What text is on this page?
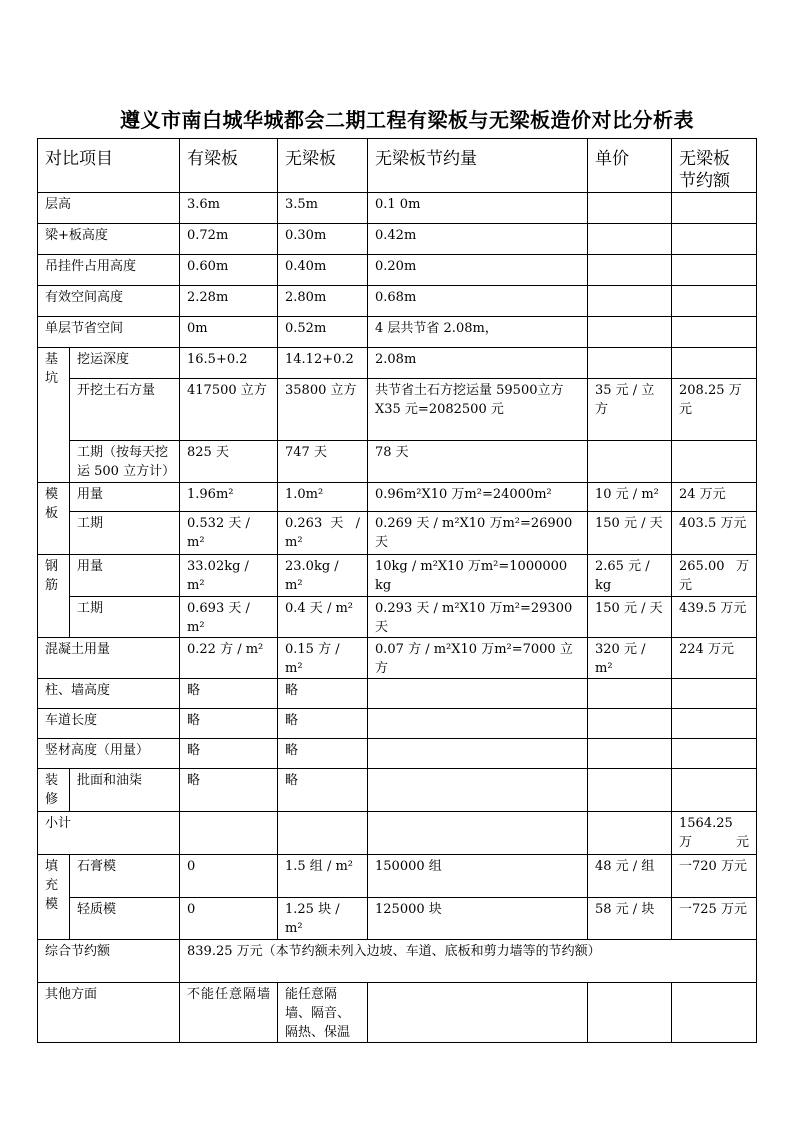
遵义市南白城华城都会二期工程有梁板与无梁板造价对比分析表
对比项目		有梁板	无梁板	无梁板节约量	单价	无梁板
节约额

层高		3.6m	3.5m	0.1 0m		
梁+板高度		0.72m	0.30m	0.42m		
吊挂件占用高度		0.60m	0.40m	0.20m		
有效空间高度		2.28m	2.80m	0.68m		
单层节省空间		0m	0.52m	4 层共节省 2.08m，		
基坑	挖运深度	16.5+0.2	14.12+0.2	2.08m		
	开挖土石方量	417500 立方	35800 立方	共节省土石方挖运量 59500立方 X35 元=2082500 元	35 元 / 立方	208.25 万元

	工期（按每天挖
运 500 立方计）	825 天	747 天	78 天		
模板	用量	1.96m²	1.0m²	0.96m²X10 万m²=24000m²	10 元 / m²	24 万元
	工期	0.532 天 / m²	0.263 天 / m²	0.269 天 / m²X10 万m²=26900 天	150 元 / 天	403.5 万元
钢筋	用量	33.02kg / m²	23.0kg / m²	10kg / m²X10 万m²=1000000 kg	2.65 元 / kg	265.00 万元
	工期	0.693 天 / m²	0.4 天 / m²	0.293 天 / m²X10 万m²=29300 天	150 元 / 天	439.5 万元
混凝土用量		0.22 方 / m²	0.15 方 / m²	0.07 方 / m²X10 万m²=7000 立方	320 元 / m²	224 万元
柱、墙高度		略	略			
车道长度		略	略			
竖材高度（用量）		略	略			
装修	批面和油柒	略	略			
小计						1564.25 万元
填充模	石膏模	0	1.5 组 / m²	150000 组	48 元 / 组	一720 万元
	轻质模	0	1.25 块 / m²	125000 块	58 元 / 块	一725 万元
综合节约额		839.25 万元（本节约额未列入边坡、车道、底板和剪力墙等的节约额）				
其他方面		不能任意隔墙	能任意隔墙、隔音、隔热、保温			
